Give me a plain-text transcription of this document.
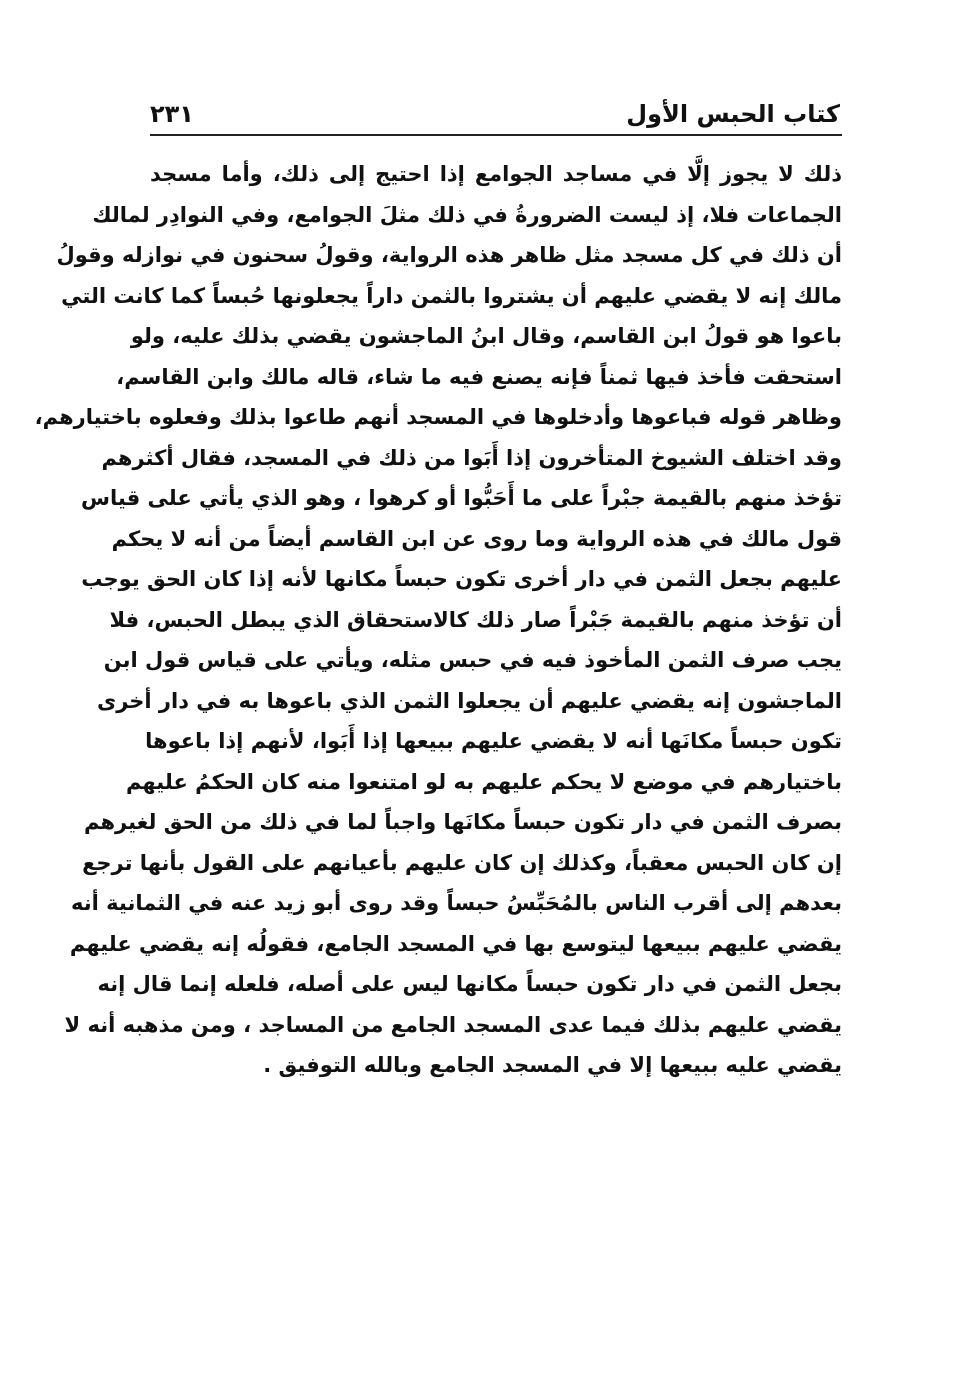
كتاب الحبس الأول
٢٣١
ذلك لا يجوز إلَّا في مساجد الجوامع إذا احتيج إلى ذلك، وأما مسجد
الجماعات فلا، إذ ليست الضرورةُ في ذلك مثلَ الجوامع، وفي النوادِر لمالك
أن ذلك في كل مسجد مثل ظاهر هذه الرواية، وقولُ سحنون في نوازله وقولُ
مالك إنه لا يقضي عليهم أن يشتروا بالثمن داراً يجعلونها حُبساً كما كانت التي
باعوا هو قولُ ابن القاسم، وقال ابنُ الماجشون يقضي بذلك عليه، ولو
استحقت فأخذ فيها ثمناً فإنه يصنع فيه ما شاء، قاله مالك وابن القاسم،
وظاهر قوله فباعوها وأدخلوها في المسجد أنهم طاعوا بذلك وفعلوه باختيارهم،
وقد اختلف الشيوخ المتأخرون إذا أَبَوا من ذلك في المسجد، فقال أكثرهم
تؤخذ منهم بالقيمة جبْراً على ما أَحَبُّوا أو كرهوا ، وهو الذي يأتي على قياس
قول مالك في هذه الرواية وما روى عن ابن القاسم أيضاً من أنه لا يحكم
عليهم بجعل الثمن في دار أخرى تكون حبساً مكانها لأنه إذا كان الحق يوجب
أن تؤخذ منهم بالقيمة جَبْراً صار ذلك كالاستحقاق الذي يبطل الحبس، فلا
يجب صرف الثمن المأخوذ فيه في حبس مثله، ويأتي على قياس قول ابن
الماجشون إنه يقضي عليهم أن يجعلوا الثمن الذي باعوها به في دار أخرى
تكون حبساً مكانَها أنه لا يقضي عليهم ببيعها إذا أَبَوا، لأنهم إذا باعوها
باختيارهم في موضع لا يحكم عليهم به لو امتنعوا منه كان الحكمُ عليهم
بصرف الثمن في دار تكون حبساً مكانَها واجباً لما في ذلك من الحق لغيرهم
إن كان الحبس معقباً، وكذلك إن كان عليهم بأعيانهم على القول بأنها ترجع
بعدهم إلى أقرب الناس بالمُحَبِّسُ حبساً وقد روى أبو زيد عنه في الثمانية أنه
يقضي عليهم ببيعها ليتوسع بها في المسجد الجامع، فقولُه إنه يقضي عليهم
بجعل الثمن في دار تكون حبساً مكانها ليس على أصله، فلعله إنما قال إنه
يقضي عليهم بذلك فيما عدى المسجد الجامع من المساجد ، ومن مذهبه أنه لا
يقضي عليه ببيعها إلا في المسجد الجامع وبالله التوفيق .
